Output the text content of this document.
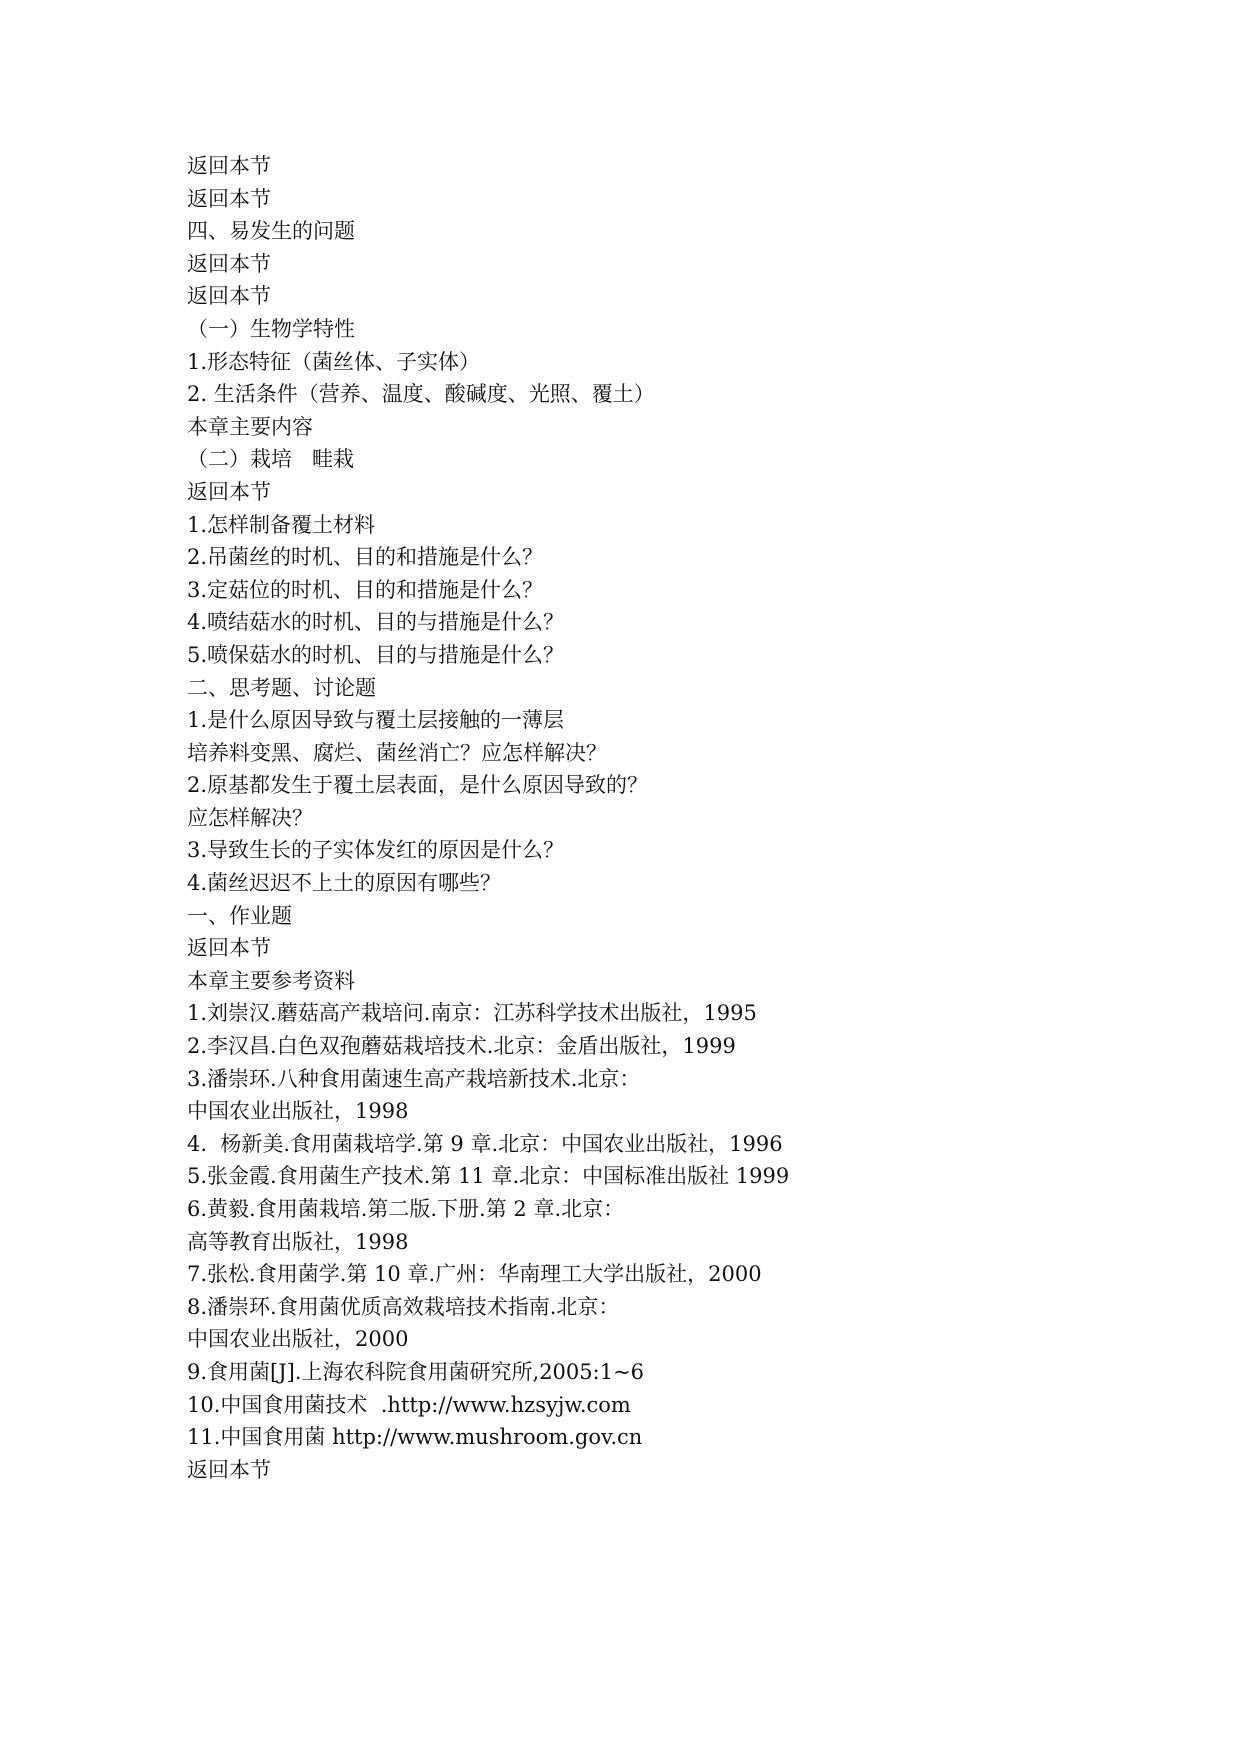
返回本节
返回本节
四、易发生的问题
返回本节
返回本节
（一）生物学特性
1.形态特征（菌丝体、子实体）
2. 生活条件（营养、温度、酸碱度、光照、覆土）
本章主要内容
（二）栽培   畦栽
返回本节
1.怎样制备覆土材料
2.吊菌丝的时机、目的和措施是什么？
3.定菇位的时机、目的和措施是什么？
4.喷结菇水的时机、目的与措施是什么？
5.喷保菇水的时机、目的与措施是什么？
二、思考题、讨论题
1.是什么原因导致与覆土层接触的一薄层
培养料变黑、腐烂、菌丝消亡？应怎样解决？
2.原基都发生于覆土层表面，是什么原因导致的？
应怎样解决？
3.导致生长的子实体发红的原因是什么？
4.菌丝迟迟不上土的原因有哪些？
一、作业题
返回本节
本章主要参考资料
1.刘崇汉.蘑菇高产栽培问.南京：江苏科学技术出版社，1995
2.李汉昌.白色双孢蘑菇栽培技术.北京：金盾出版社，1999
3.潘崇环.八种食用菌速生高产栽培新技术.北京：
中国农业出版社，1998
4.  杨新美.食用菌栽培学.第 9 章.北京：中国农业出版社，1996
5.张金霞.食用菌生产技术.第 11 章.北京：中国标准出版社 1999
6.黄毅.食用菌栽培.第二版.下册.第 2 章.北京：
高等教育出版社，1998
7.张松.食用菌学.第 10 章.广州：华南理工大学出版社，2000
8.潘崇环.食用菌优质高效栽培技术指南.北京：
中国农业出版社，2000
9.食用菌[J].上海农科院食用菌研究所,2005:1~6
10.中国食用菌技术  .http://www.hzsyjw.com
11.中国食用菌 http://www.mushroom.gov.cn
返回本节
